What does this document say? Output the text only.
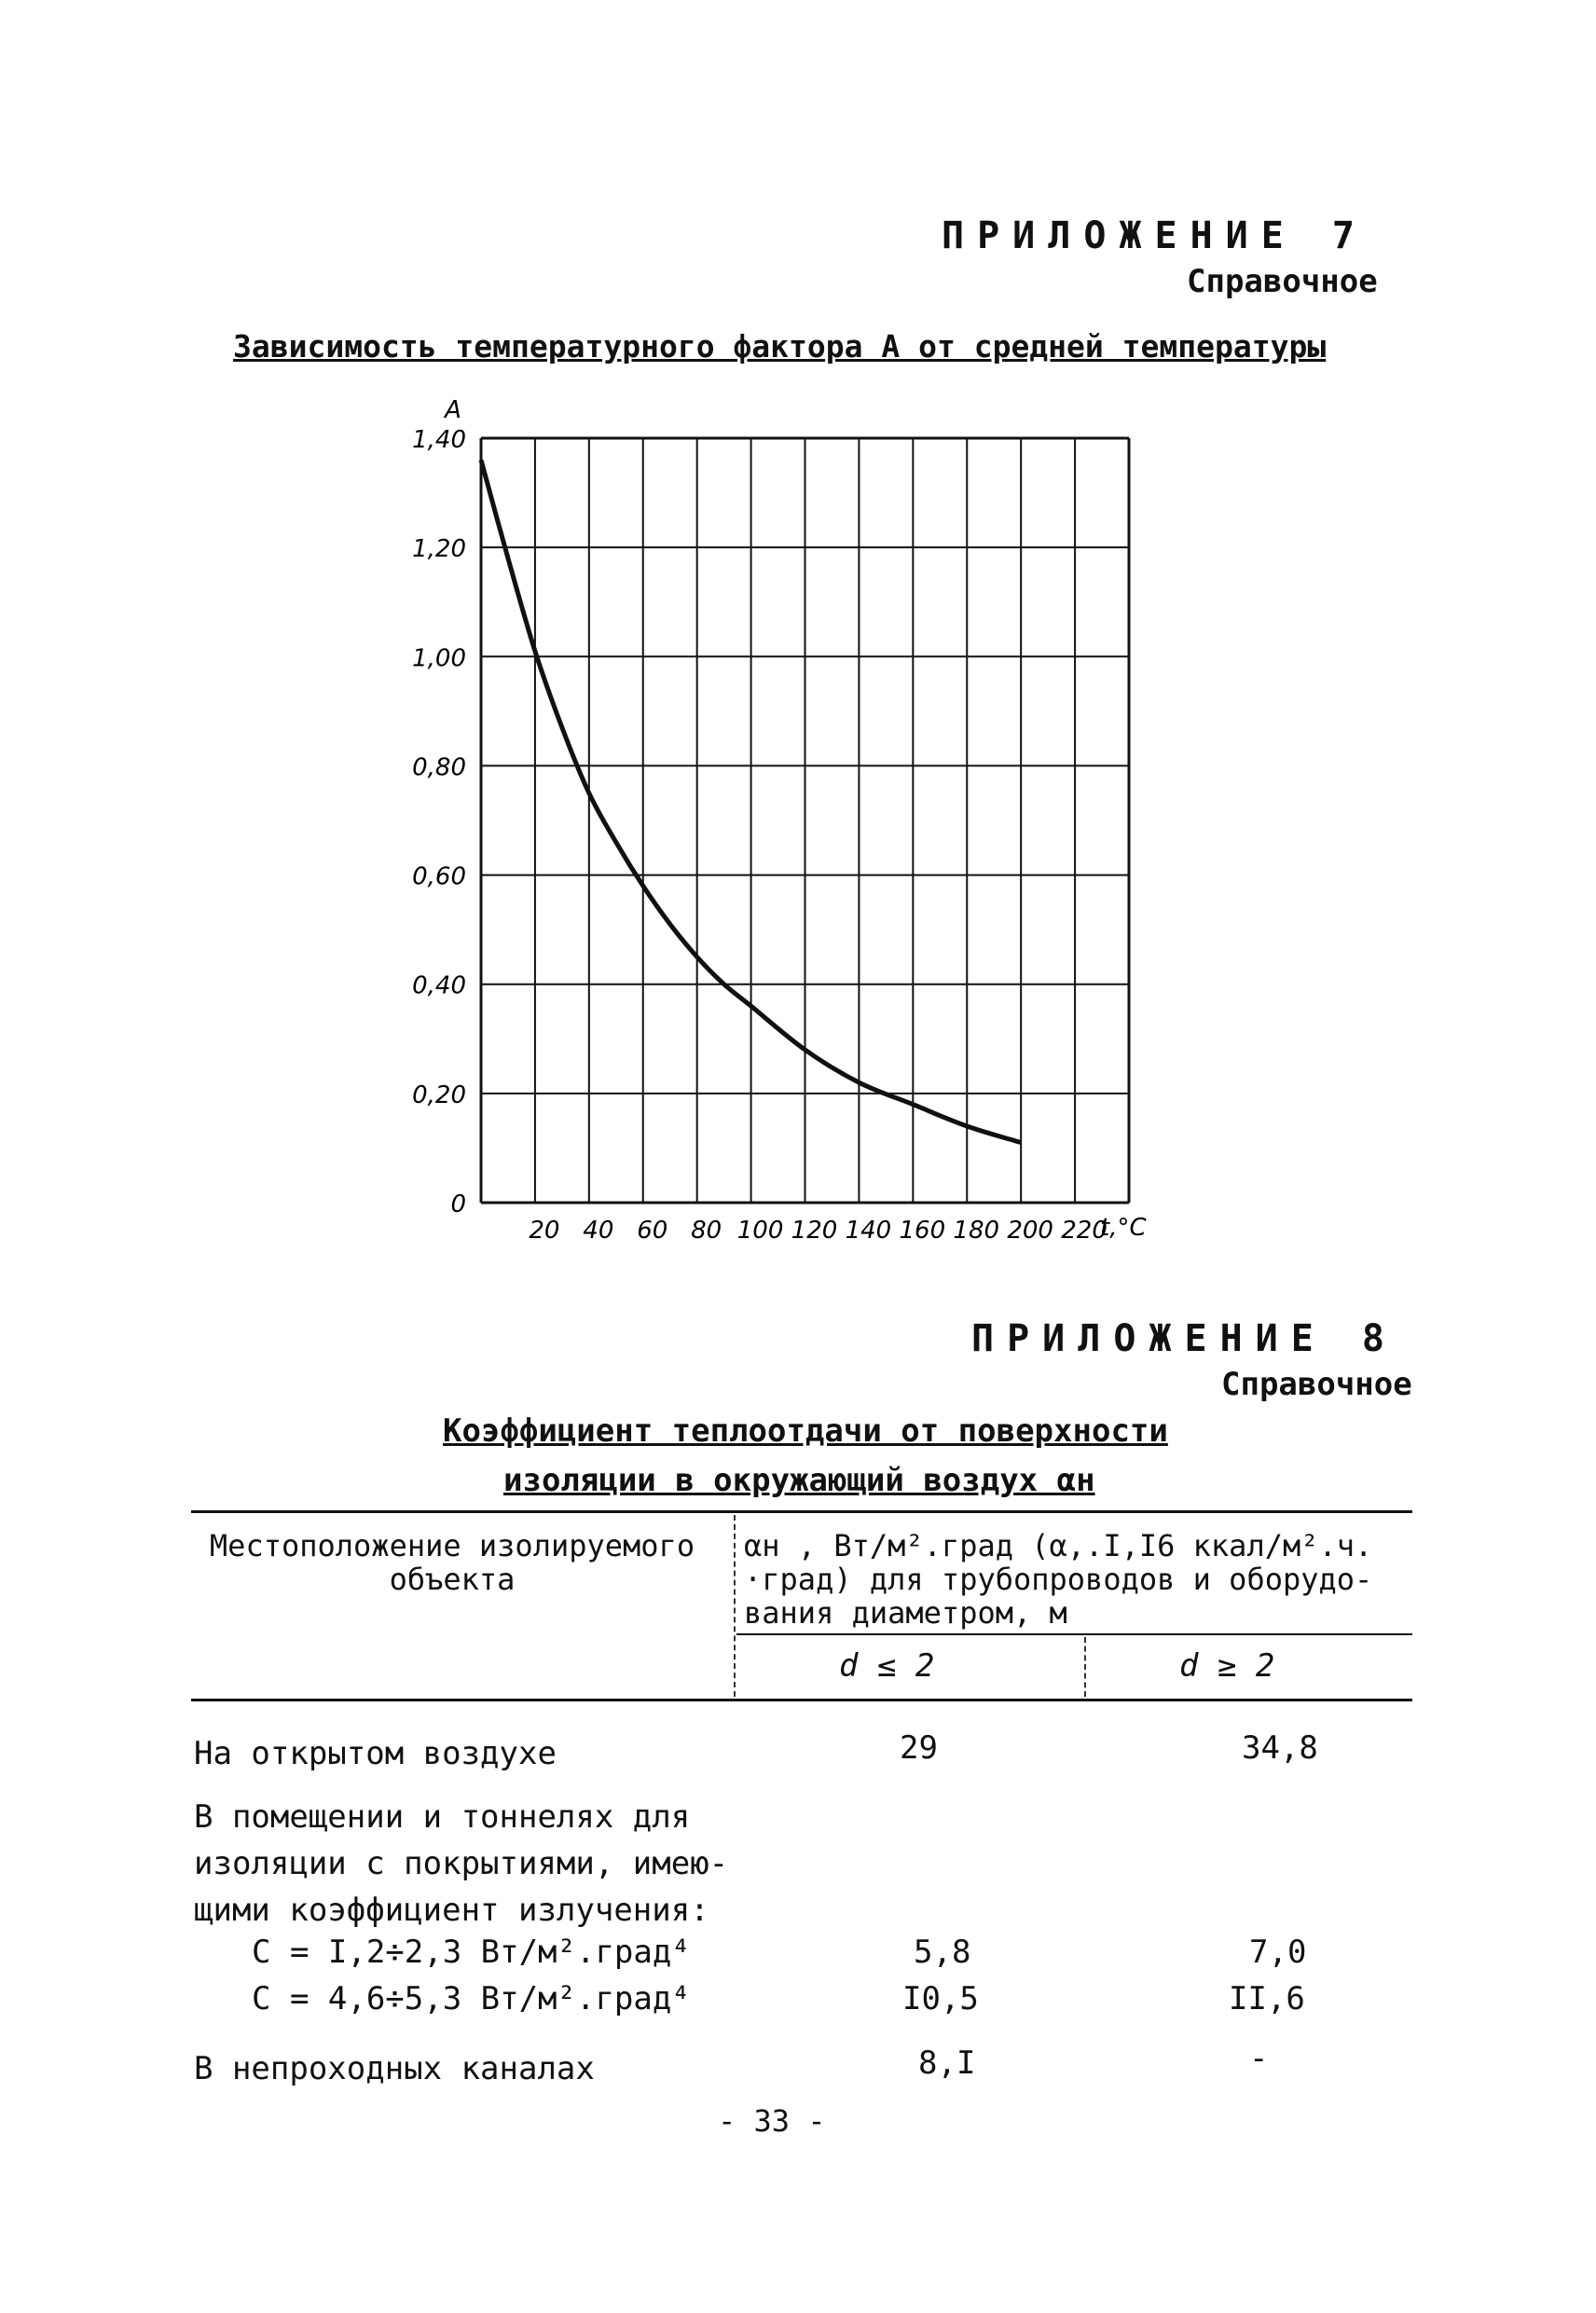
ПРИЛОЖЕНИЕ 7
Справочное
Зависимость температурного фактора А от средней температуры
0
0,20
0,40
0,60
0,80
1,00
1,20
1,40
20 40 60 80 100 120 140 160 180 200 220
A
t,°C
ПРИЛОЖЕНИЕ 8
Справочное
Коэффициент теплоотдачи от поверхности
изоляции в окружающий воздух αн
Местоположение изолируемого объекта
αн , Вт/м².град (α,.I,I6 ккал/м².ч.
·град) для трубопроводов и оборудо-
вания диаметром, м
d ≤ 2	d ≥ 2
На открытом воздухе	29	34,8
В помещении и тоннелях для
изоляции с покрытиями, имею-
щими коэффициент излучения:
С = I,2÷2,3 Вт/м².град⁴	5,8	7,0
С = 4,6÷5,3 Вт/м².град⁴	I0,5	II,6
В непроходных каналах	8,I	-
- 33 -
